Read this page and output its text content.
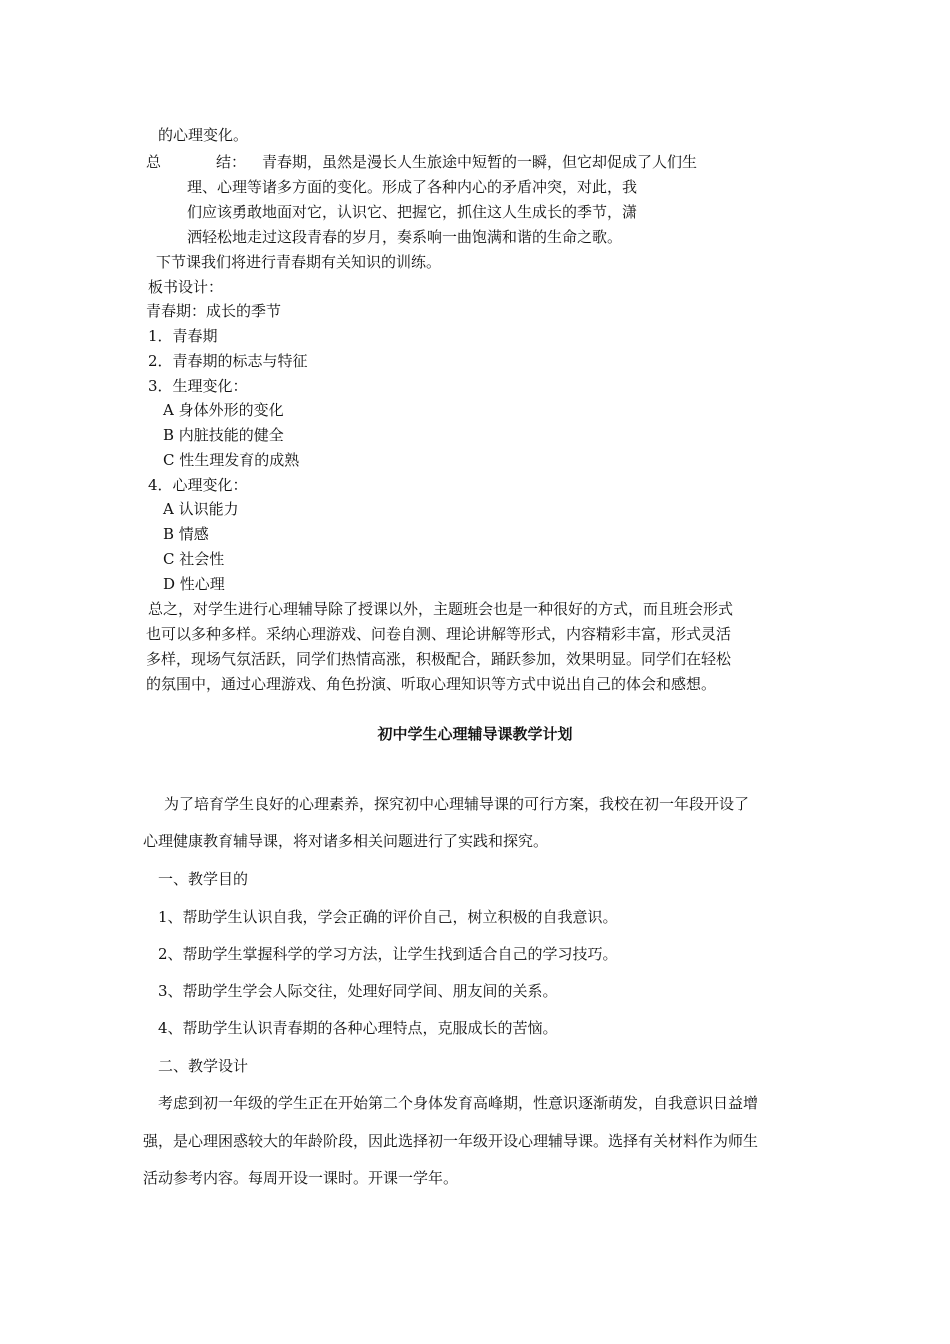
的心理变化。
总	结： 青春期，虽然是漫长人生旅途中短暂的一瞬，但它却促成了人们生
理、心理等诸多方面的变化。形成了各种内心的矛盾冲突，对此，我
们应该勇敢地面对它，认识它、把握它，抓住这人生成长的季节，潇
洒轻松地走过这段青春的岁月，奏系响一曲饱满和谐的生命之歌。
下节课我们将进行青春期有关知识的训练。
板书设计：
青春期：成长的季节
1．青春期
2．青春期的标志与特征
3．生理变化：
A 身体外形的变化
B 内脏技能的健全
C 性生理发育的成熟
4．心理变化：
A 认识能力
B 情感
C 社会性
D 性心理
总之，对学生进行心理辅导除了授课以外，主题班会也是一种很好的方式，而且班会形式
也可以多种多样。采纳心理游戏、问卷自测、理论讲解等形式，内容精彩丰富，形式灵活
多样，现场气氛活跃，同学们热情高涨，积极配合，踊跃参加，效果明显。同学们在轻松
的氛围中，通过心理游戏、角色扮演、听取心理知识等方式中说出自己的体会和感想。
初中学生心理辅导课教学计划
为了培育学生良好的心理素养，探究初中心理辅导课的可行方案，我校在初一年段开设了
心理健康教育辅导课，将对诸多相关问题进行了实践和探究。
一、教学目的
1、帮助学生认识自我，学会正确的评价自己，树立积极的自我意识。
2、帮助学生掌握科学的学习方法，让学生找到适合自己的学习技巧。
3、帮助学生学会人际交往，处理好同学间、朋友间的关系。
4、帮助学生认识青春期的各种心理特点，克服成长的苦恼。
二、教学设计
考虑到初一年级的学生正在开始第二个身体发育高峰期，性意识逐渐萌发，自我意识日益增
强，是心理困惑较大的年龄阶段，因此选择初一年级开设心理辅导课。选择有关材料作为师生
活动参考内容。每周开设一课时。开课一学年。
